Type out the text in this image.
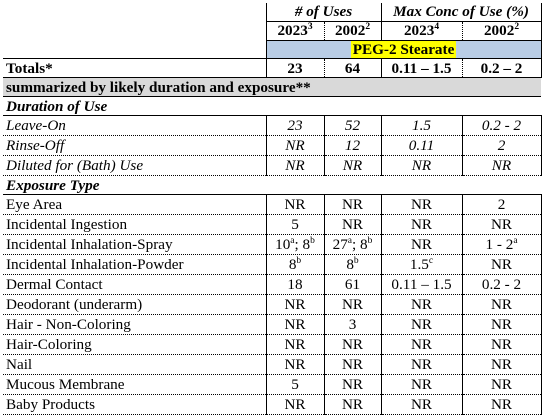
	# of Uses		Max Conc of Use (%)	
	2023$^3$	2002$^2$	2023$^4$	2002$^2$
	PEG-2 Stearate			
Totals*	23	64	0.11 – 1.5	0.2 – 2
summarized by likely duration and exposure**				
Duration of Use				
Leave-On	23	52	1.5	0.2 - 2
Rinse-Off	NR	12	0.11	2
Diluted for (Bath) Use	NR	NR	NR	NR
Exposure Type				
Eye Area	NR	NR	NR	2
Incidental Ingestion	5	NR	NR	NR
Incidental Inhalation-Spray	10$^a$; 8$^b$	27$^a$; 8$^b$	NR	1 - 2$^a$
Incidental Inhalation-Powder	8$^b$	8$^b$	1.5$^c$	NR
Dermal Contact	18	61	0.11 – 1.5	0.2 - 2
Deodorant (underarm)	NR	NR	NR	NR
Hair - Non-Coloring	NR	3	NR	NR
Hair-Coloring	NR	NR	NR	NR
Nail	NR	NR	NR	NR
Mucous Membrane	5	NR	NR	NR
Baby Products	NR	NR	NR	NR
